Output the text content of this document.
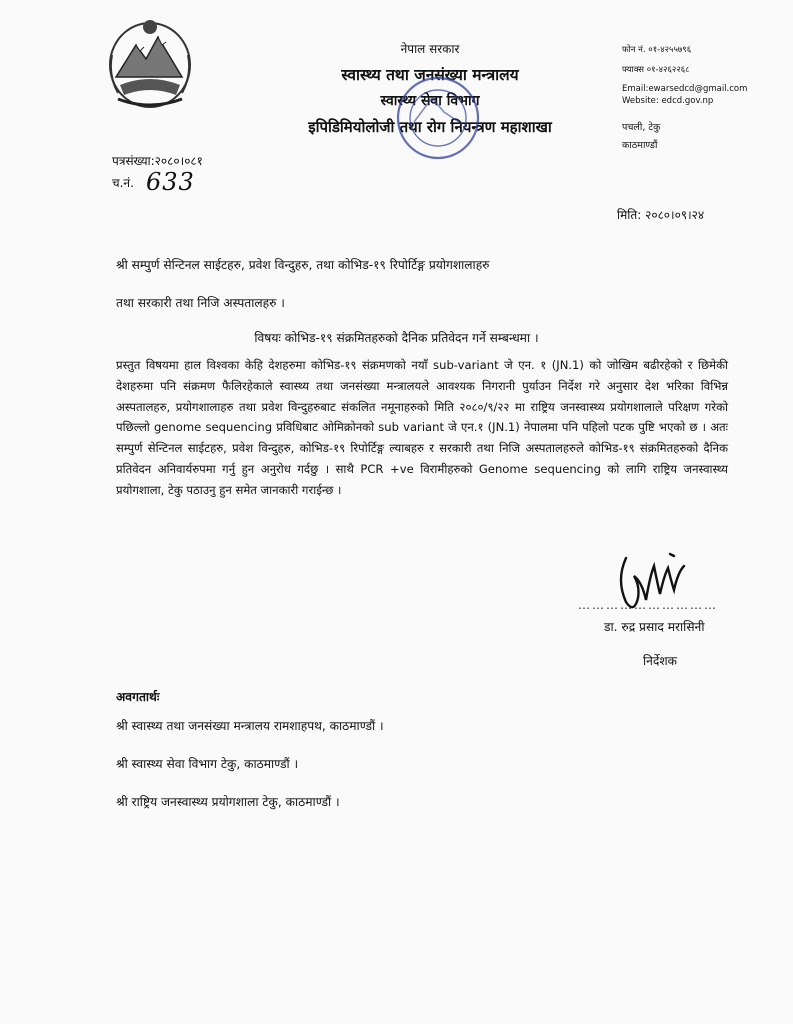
नेपाल सरकार
स्वास्थ्य तथा जनसंख्या मन्त्रालय
स्वास्थ्य सेवा विभाग
इपिडिमियोलोजी तथा रोग नियन्त्रण महाशाखा
फोन नं. ०१-४२५५७९६
फ्याक्स ०१-४२६२२६८
Email:ewarsedcd@gmail.com
Website: edcd.gov.np
पचली, टेकु
काठमाण्डौं
पत्रसंख्या:२०८०।०८१
च.नं. 633
मिति: २०८०।०९।२४
श्री सम्पुर्ण सेन्टिनल साईटहरु, प्रवेश विन्दुहरु, तथा कोभिड-१९ रिपोर्टिङ्ग प्रयोगशालाहरु
तथा सरकारी तथा निजि अस्पतालहरु ।
विषयः कोभिड-१९ संक्रमितहरुको दैनिक प्रतिवेदन गर्ने सम्बन्धमा ।
प्रस्तुत विषयमा हाल विश्वका केहि देशहरुमा कोभिड-१९ संक्रमणको नयाँ sub-variant जे एन. १ (JN.1) को जोखिम बढीरहेको र छिमेकी देशहरुमा पनि संक्रमण फैलिरहेकाले स्वास्थ्य तथा जनसंख्या मन्त्रालयले आवश्यक निगरानी पुर्याउन निर्देश गरे अनुसार देश भरिका विभिन्न अस्पतालहरु, प्रयोगशालाहरु तथा प्रवेश विन्दुहरुबाट संकलित नमूनाहरुको मिति २०८०/९/२२ मा राष्ट्रिय जनस्वास्थ्य प्रयोगशालाले परिक्षण गरेको पछिल्लो genome sequencing प्रविधिबाट ओमिक्रोनको sub variant जे एन.१ (JN.1) नेपालमा पनि पहिलो पटक पुष्टि भएको छ । अतः सम्पुर्ण सेन्टिनल साईटहरु, प्रवेश विन्दुहरु, कोभिड-१९ रिपोर्टिङ्ग ल्याबहरु र सरकारी तथा निजि अस्पतालहरुले कोभिड-१९ संक्रमितहरुको दैनिक प्रतिवेदन अनिवार्यरुपमा गर्नु हुन अनुरोध गर्दछु । साथै PCR +ve विरामीहरुको Genome sequencing को लागि राष्ट्रिय जनस्वास्थ्य प्रयोगशाला, टेकु पठाउनु हुन समेत जानकारी गराईन्छ ।
…………………………
डा. रुद्र प्रसाद मरासिनी
निर्देशक
अवगतार्थः
श्री स्वास्थ्य तथा जनसंख्या मन्त्रालय रामशाहपथ, काठमाण्डौं ।
श्री स्वास्थ्य सेवा विभाग टेकु, काठमाण्डौं ।
श्री राष्ट्रिय जनस्वास्थ्य प्रयोगशाला टेकु, काठमाण्डौं ।
